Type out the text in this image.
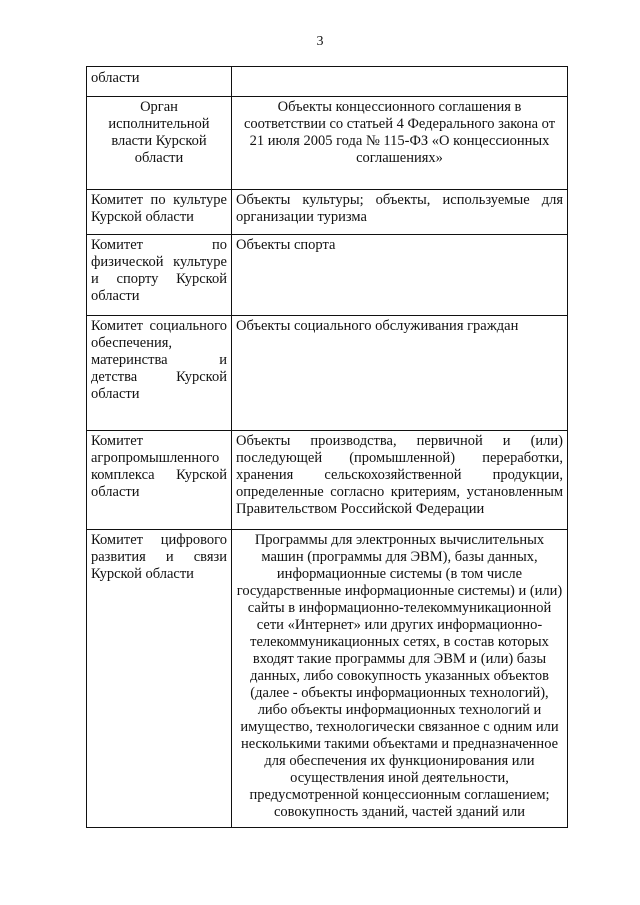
3
области	
Орган исполнительной власти Курской области	Объекты концессионного соглашения в соответствии со статьей 4 Федерального закона от 21 июля 2005 года № 115-ФЗ «О концессионных соглашениях»
Комитет по культуре Курской области	Объекты культуры; объекты, используемые для организации туризма
Комитет по физической культуре и спорту Курской области	Объекты спорта
Комитет социального обеспечения, материнства и детства Курской области	Объекты социального обслуживания граждан
Комитет агропромышленного комплекса Курской области	Объекты производства, первичной и (или) последующей (промышленной) переработки, хранения сельскохозяйственной продукции, определенные согласно критериям, установленным Правительством Российской Федерации
Комитет цифрового развития и связи Курской области	Программы для электронных вычислительных машин (программы для ЭВМ), базы данных, информационные системы (в том числе государственные информационные системы) и (или) сайты в информационно-телекоммуникационной сети «Интернет» или других информационно-телекоммуникационных сетях, в состав которых входят такие программы для ЭВМ и (или) базы данных, либо совокупность указанных объектов (далее - объекты информационных технологий), либо объекты информационных технологий и имущество, технологически связанное с одним или несколькими такими объектами и предназначенное для обеспечения их функционирования или осуществления иной деятельности, предусмотренной концессионным соглашением; совокупность зданий, частей зданий или
